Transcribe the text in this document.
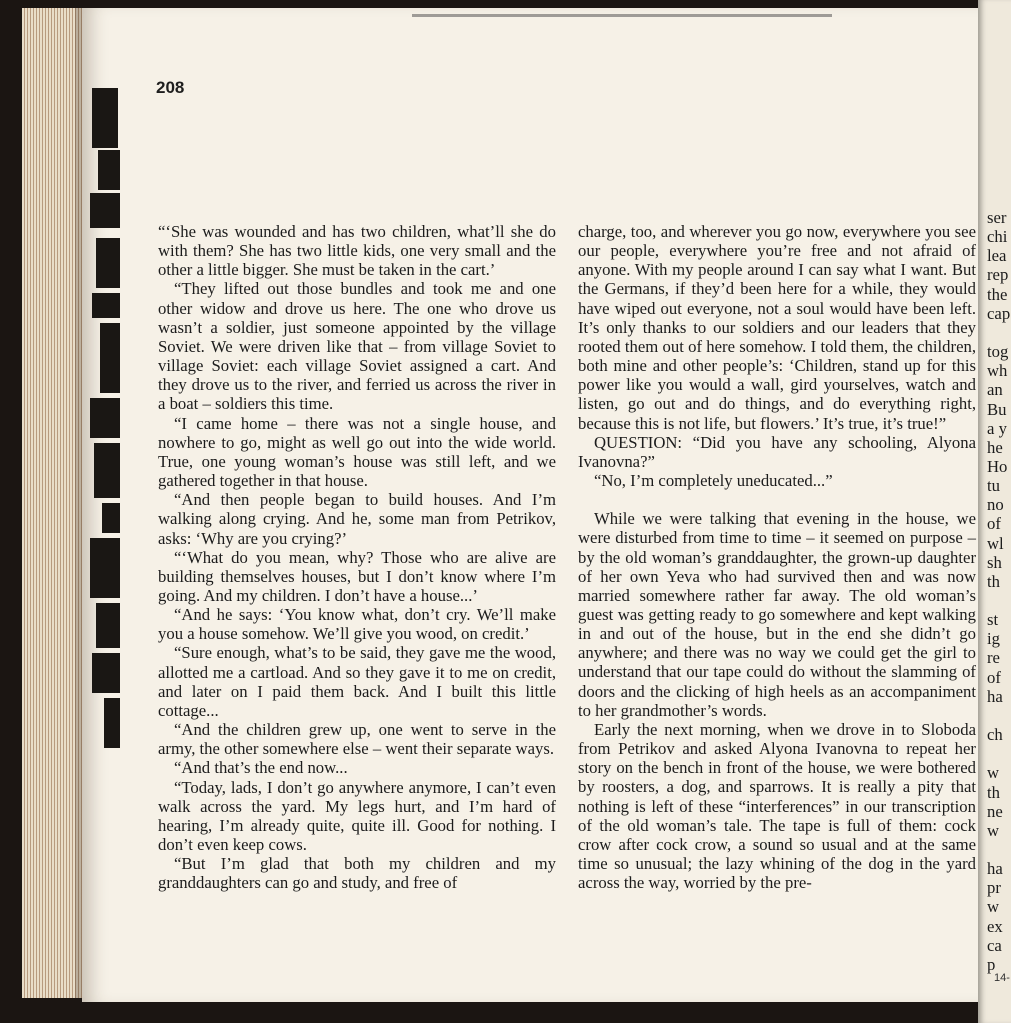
208

“‘She was wounded and has two children, what’ll she do with them? She has two little kids, one very small and the other a little bigger. She must be taken in the cart.’

“They lifted out those bundles and took me and one other widow and drove us here. The one who drove us wasn’t a soldier, just someone appointed by the village Soviet. We were driven like that – from village Soviet to village Soviet: each village Soviet assigned a cart. And they drove us to the river, and ferried us across the river in a boat – soldiers this time.

“I came home – there was not a single house, and nowhere to go, might as well go out into the wide world. True, one young woman’s house was still left, and we gathered together in that house.

“And then people began to build houses. And I’m walking along crying. And he, some man from Petrikov, asks: ‘Why are you crying?’

“‘What do you mean, why? Those who are alive are building themselves houses, but I don’t know where I’m going. And my children. I don’t have a house...’

“And he says: ‘You know what, don’t cry. We’ll make you a house somehow. We’ll give you wood, on credit.’

“Sure enough, what’s to be said, they gave me the wood, allotted me a cartload. And so they gave it to me on credit, and later on I paid them back. And I built this little cottage...

“And the children grew up, one went to serve in the army, the other somewhere else – went their separate ways.

“And that’s the end now...

“Today, lads, I don’t go anywhere anymore, I can’t even walk across the yard. My legs hurt, and I’m hard of hearing, I’m already quite, quite ill. Good for nothing. I don’t even keep cows.

“But I’m glad that both my children and my granddaughters can go and study, and free of

charge, too, and wherever you go now, everywhere you see our people, everywhere you’re free and not afraid of anyone. With my people around I can say what I want. But the Germans, if they’d been here for a while, they would have wiped out everyone, not a soul would have been left. It’s only thanks to our soldiers and our leaders that they rooted them out of here somehow. I told them, the children, both mine and other people’s: ‘Children, stand up for this power like you would a wall, gird yourselves, watch and listen, go out and do things, and do everything right, because this is not life, but flowers.’ It’s true, it’s true!”

QUESTION: “Did you have any schooling, Alyona Ivanovna?”

“No, I’m completely uneducated...”

While we were talking that evening in the house, we were disturbed from time to time – it seemed on purpose – by the old woman’s granddaughter, the grown-up daughter of her own Yeva who had survived then and was now married somewhere rather far away. The old woman’s guest was getting ready to go somewhere and kept walking in and out of the house, but in the end she didn’t go anywhere; and there was no way we could get the girl to understand that our tape could do without the slamming of doors and the clicking of high heels as an accompaniment to her grandmother’s words.

Early the next morning, when we drove in to Sloboda from Petrikov and asked Alyona Ivanovna to repeat her story on the bench in front of the house, we were bothered by roosters, a dog, and sparrows. It is really a pity that nothing is left of these “interferences” in our transcription of the old woman’s tale. The tape is full of them: cock crow after cock crow, a sound so usual and at the same time so unusual; the lazy whining of the dog in the yard across the way, worried by the pre-

ser
chi
lea
rep
the
cap
tog
wh
an
Bu
a y
he
Ho
tu
no
of
wl
sh
th
st
ig
re
of
ha
ch
w
th
ne
w
ha
pr
w
ex
ca
p
14-
